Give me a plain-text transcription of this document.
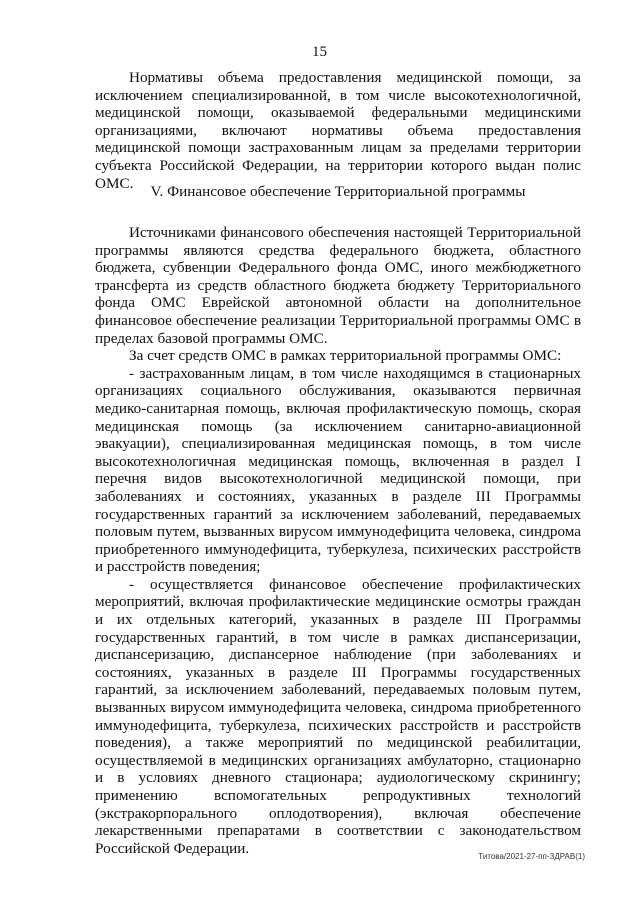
15

Нормативы объема предоставления медицинской помощи, за исключением специализированной, в том числе высокотехнологичной, медицинской помощи, оказываемой федеральными медицинскими организациями, включают нормативы объема предоставления медицинской помощи застрахованным лицам за пределами территории субъекта Российской Федерации, на территории которого выдан полис ОМС.	V. Финансовое обеспечение Территориальной программы

Источниками финансового обеспечения настоящей Территориальной программы являются средства федерального бюджета, областного бюджета, субвенции Федерального фонда ОМС, иного межбюджетного трансферта из средств областного бюджета бюджету Территориального фонда ОМС Еврейской автономной области на дополнительное финансовое обеспечение реализации Территориальной программы ОМС в пределах базовой программы ОМС.

За счет средств ОМС в рамках территориальной программы ОМС:

- застрахованным лицам, в том числе находящимся в стационарных организациях социального обслуживания, оказываются первичная медико-санитарная помощь, включая профилактическую помощь, скорая медицинская помощь (за исключением санитарно-авиационной эвакуации), специализированная медицинская помощь, в том числе высокотехнологичная медицинская помощь, включенная в раздел I перечня видов высокотехнологичной медицинской помощи, при заболеваниях и состояниях, указанных в разделе III Программы государственных гарантий за исключением заболеваний, передаваемых половым путем, вызванных вирусом иммунодефицита человека, синдрома приобретенного иммунодефицита, туберкулеза, психических расстройств и расстройств поведения;

- осуществляется финансовое обеспечение профилактических мероприятий, включая профилактические медицинские осмотры граждан и их отдельных категорий, указанных в разделе III Программы государственных гарантий, в том числе в рамках диспансеризации, диспансеризацию, диспансерное наблюдение (при заболеваниях и состояниях, указанных в разделе III Программы государственных гарантий, за исключением заболеваний, передаваемых половым путем, вызванных вирусом иммунодефицита человека, синдрома приобретенного иммунодефицита, туберкулеза, психических расстройств и расстройств поведения), а также мероприятий по медицинской реабилитации, осуществляемой в медицинских организациях амбулаторно, стационарно и в условиях дневного стационара; аудиологическому скринингу; применению вспомогательных репродуктивных технологий (экстракорпорального оплодотворения), включая обеспечение лекарственными препаратами в соответствии с законодательством Российской Федерации.	Титова/2021-27-пп-ЗДРАВ(1)
